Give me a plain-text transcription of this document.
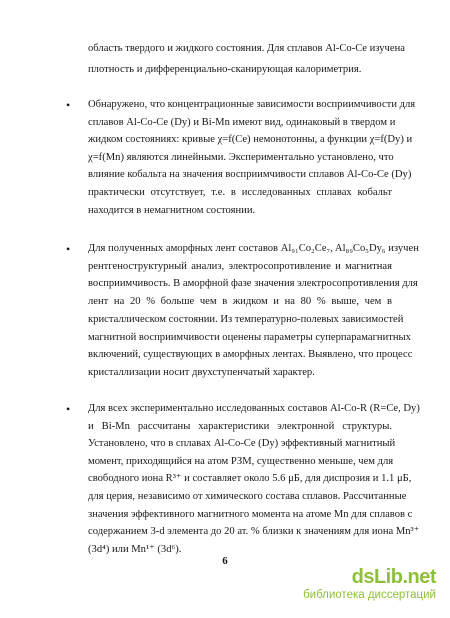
область твердого и жидкого состояния. Для сплавов Al-Co-Ce изучена
плотность и дифференциально-сканирующая калориметрия.
• Обнаружено, что концентрационные зависимости восприимчивости для
сплавов Al-Co-Ce (Dy) и Bi-Mn имеют вид, одинаковый в твердом и
жидком состояниях: кривые χ=f(Ce) немонотонны, а функции χ=f(Dy) и
χ=f(Mn) являются линейными. Экспериментально установлено, что
влияние кобальта на значения восприимчивости сплавов Al-Co-Ce (Dy)
практически отсутствует, т.е. в исследованных сплавах кобальт
находится в немагнитном состоянии.
• Для полученных аморфных лент составов Al₉₁Co₂Ce₇, Al₈₉Co₅Dy₆ изучен
рентгеноструктурный анализ, электросопротивление и магнитная
восприимчивость. В аморфной фазе значения электросопротивления для
лент на 20 % больше чем в жидком и на 80 % выше, чем в
кристаллическом состоянии. Из температурно-полевых зависимостей
магнитной восприимчивости оценены параметры суперпарамагнитных
включений, существующих в аморфных лентах. Выявлено, что процесс
кристаллизации носит двухступенчатый характер.
• Для всех экспериментально исследованных составов Al-Co-R (R=Ce, Dy)
и Bi-Mn рассчитаны характеристики электронной структуры.
Установлено, что в сплавах Al-Co-Ce (Dy) эффективный магнитный
момент, приходящийся на атом РЗМ, существенно меньше, чем для
свободного иона R³⁺ и составляет около 5.6 μБ, для диспрозия и 1.1 μБ,
для церия, независимо от химического состава сплавов. Рассчитанные
значения эффективного магнитного момента на атоме Mn для сплавов с
содержанием 3-d элемента до 20 ат. % близки к значениям для иона Mn³⁺
(3d⁴) или Mn¹⁺ (3d⁶).
6
dsLib.net
библиотека диссертаций
